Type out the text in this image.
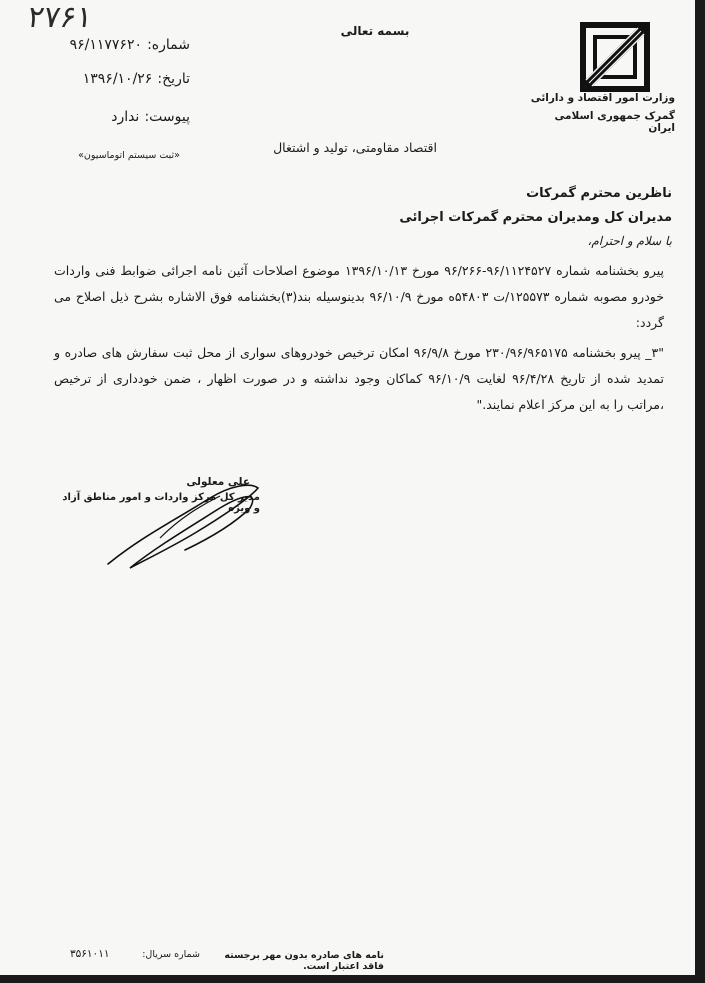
۲۷۶۱
شماره: ۹۶/۱۱۷۷۶۲۰
تاریخ: ۱۳۹۶/۱۰/۲۶
پیوست: ندارد
«ثبت سیستم اتوماسیون»
بسمه تعالی
اقتصاد مقاومتی، تولید و اشتغال
وزارت امور اقتصاد و دارائی
گمرک جمهوری اسلامی ایران
ناظرین محترم گمرکات
مدیران کل ومدیران محترم گمرکات اجرائی
با سلام و احترام،
پیرو بخشنامه شماره ۹۶/۱۱۲۴۵۲۷-۹۶/۲۶۶ مورخ ۱۳۹۶/۱۰/۱۳ موضوع اصلاحات آئین نامه اجرائی ضوابط فنی واردات خودرو مصوبه شماره ۱۲۵۵۷۳/ت ۵۴۸۰۳ه مورخ ۹۶/۱۰/۹ بدینوسیله بند(۳)بخشنامه فوق الاشاره بشرح ذیل اصلاح می گردد:
"۳_ پیرو بخشنامه ۲۳۰/۹۶/۹۶۵۱۷۵ مورخ ۹۶/۹/۸ امکان ترخیص خودروهای سواری از محل ثبت سفارش های صادره و تمدید شده از تاریخ ۹۶/۴/۲۸ لغایت ۹۶/۱۰/۹ کماکان وجود نداشته و در صورت اظهار ، ضمن خودداری از ترخیص ،مراتب را به این مرکز اعلام نمایند."
علی معلولی
مدیر کل مرکز واردات و امور مناطق آزاد و ویژه
نامه های صادره بدون مهر برجسته فاقد اعتبار است.
شماره سریال:
۳۵۶۱۰۱۱
